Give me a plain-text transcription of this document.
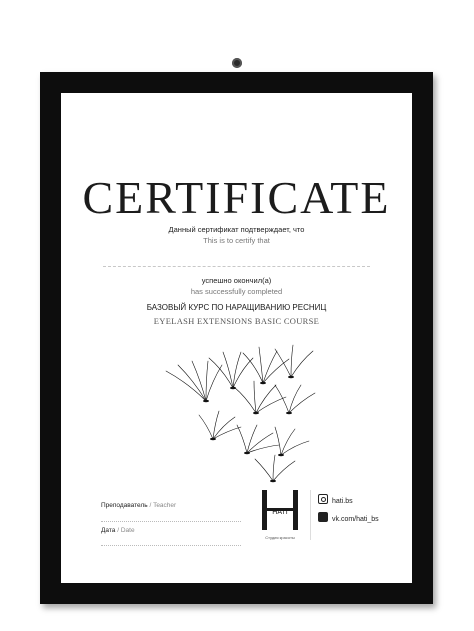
CERTIFICATE
Данный сертификат подтверждает, что
This is to certify that
успешно окончил(а)
has successfully completed
БАЗОВЫЙ КУРС ПО НАРАЩИВАНИЮ РЕСНИЦ
EYELASH EXTENSIONS BASIC COURSE
Преподаватель / Teacher
Дата / Date
HATI
Студия красоты
hati.bs
vk.com/hati_bs
